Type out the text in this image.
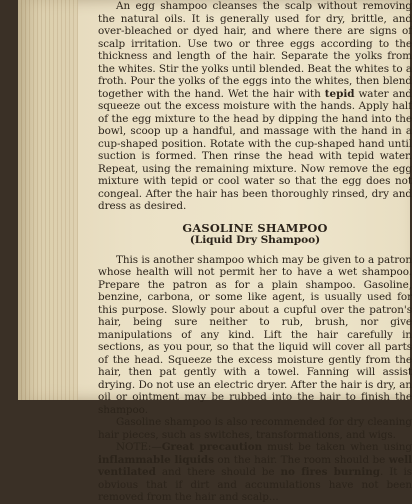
An egg shampoo cleanses the scalp without removing the natural oils. It is generally used for dry, brittle, and over-bleached or dyed hair, and where there are signs of scalp irritation. Use two or three eggs according to the thickness and length of the hair. Separate the yolks from the whites. Stir the yolks until blended. Beat the whites to a froth. Pour the yolks of the eggs into the whites, then blend together with the hand. Wet the hair with tepid water and squeeze out the excess moisture with the hands. Apply half of the egg mixture to the head by dipping the hand into the bowl, scoop up a handful, and massage with the hand in a cup-shaped position. Rotate with the cup-shaped hand until suction is formed. Then rinse the head with tepid water. Repeat, using the remaining mixture. Now remove the egg mixture with tepid or cool water so that the egg does not congeal. After the hair has been thoroughly rinsed, dry and dress as desired.

GASOLINE SHAMPOO
(Liquid Dry Shampoo)

This is another shampoo which may be given to a patron whose health will not permit her to have a wet shampoo. Prepare the patron as for a plain shampoo. Gasoline, benzine, carbona, or some like agent, is usually used for this purpose. Slowly pour about a cupful over the patron's hair, being sure neither to rub, brush, nor give manipulations of any kind. Lift the hair carefully in sections, as you pour, so that the liquid will cover all parts of the head. Squeeze the excess moisture gently from the hair, then pat gently with a towel. Fanning will assist drying. Do not use an electric dryer. After the hair is dry, an oil or ointment may be rubbed into the hair to finish the shampoo.

Gasoline shampoo is also recommended for dry cleaning hair pieces, such as switches, transformations, and wigs.

NOTE:—Great precaution must be taken when using inflammable liquids on the hair. The room should be well ventilated and there should be no fires burning. It is obvious that if dirt and accumulations have not been removed from the hair and scalp...
